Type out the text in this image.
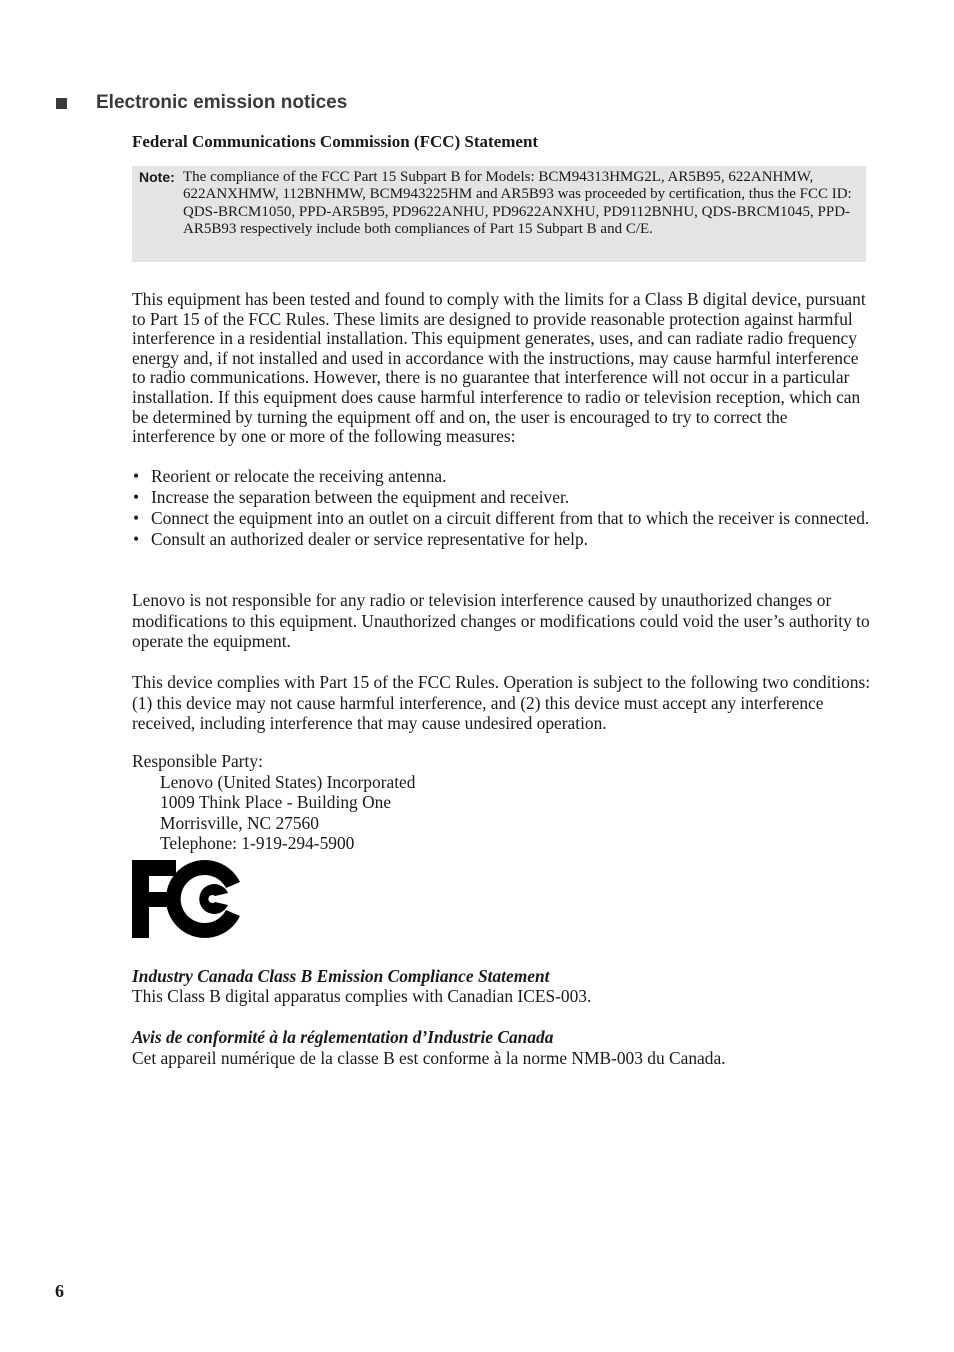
Electronic emission notices
Federal Communications Commission (FCC) Statement
Note: The compliance of the FCC Part 15 Subpart B for Models: BCM94313HMG2L, AR5B95, 622ANHMW, 622ANXHMW, 112BNHMW, BCM943225HM and AR5B93 was proceeded by certification, thus the FCC ID: QDS-BRCM1050, PPD-AR5B95, PD9622ANHU, PD9622ANXHU, PD9112BNHU, QDS-BRCM1045, PPD-AR5B93 respectively include both compliances of Part 15 Subpart B and C/E.
This equipment has been tested and found to comply with the limits for a Class B digital device, pursuant to Part 15 of the FCC Rules. These limits are designed to provide reasonable protection against harmful interference in a residential installation. This equipment generates, uses, and can radiate radio frequency energy and, if not installed and used in accordance with the instructions, may cause harmful interference to radio communications. However, there is no guarantee that interference will not occur in a particular installation. If this equipment does cause harmful interference to radio or television reception, which can be determined by turning the equipment off and on, the user is encouraged to try to correct the interference by one or more of the following measures:
• Reorient or relocate the receiving antenna.
• Increase the separation between the equipment and receiver.
• Connect the equipment into an outlet on a circuit different from that to which the receiver is connected.
• Consult an authorized dealer or service representative for help.
Lenovo is not responsible for any radio or television interference caused by unauthorized changes or modifications to this equipment. Unauthorized changes or modifications could void the user’s authority to operate the equipment.
This device complies with Part 15 of the FCC Rules. Operation is subject to the following two conditions: (1) this device may not cause harmful interference, and (2) this device must accept any interference received, including interference that may cause undesired operation.
Responsible Party:
Lenovo (United States) Incorporated
1009 Think Place - Building One
Morrisville, NC 27560
Telephone: 1-919-294-5900
Industry Canada Class B Emission Compliance Statement
This Class B digital apparatus complies with Canadian ICES-003.
Avis de conformité à la réglementation d’Industrie Canada
Cet appareil numérique de la classe B est conforme à la norme NMB-003 du Canada.
6
